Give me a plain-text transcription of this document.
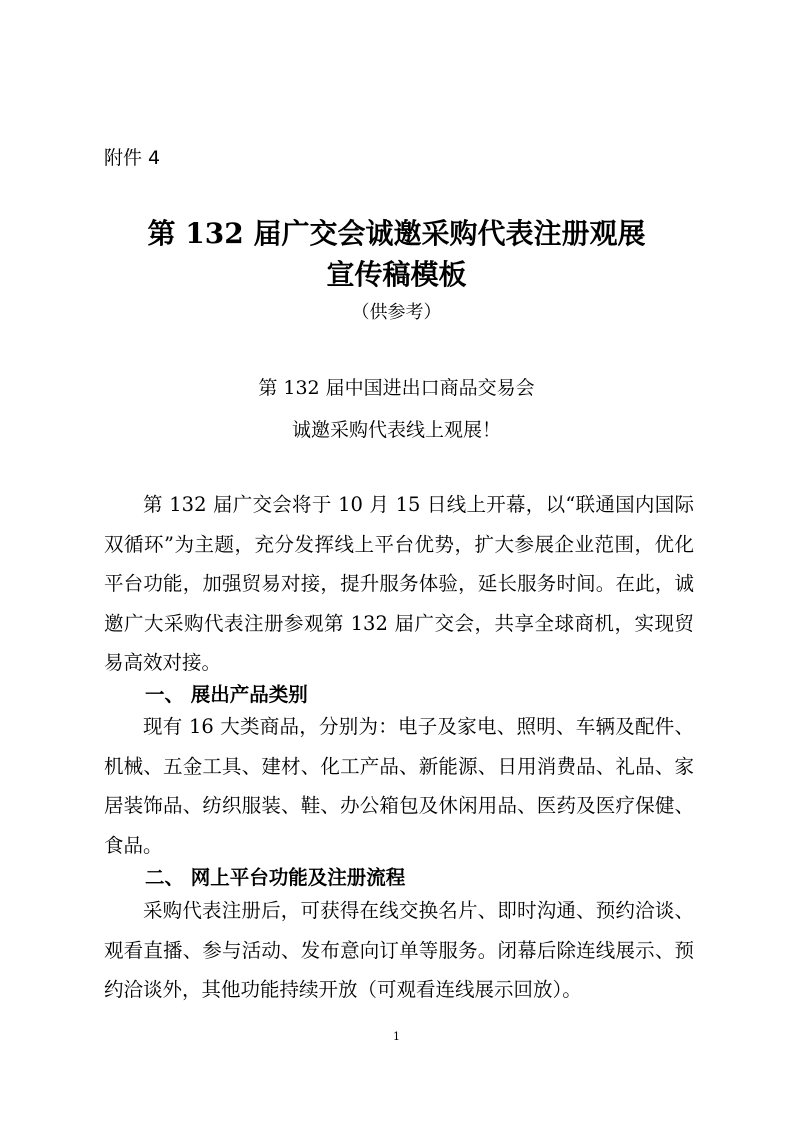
附件 4
第 132 届广交会诚邀采购代表注册观展
宣传稿模板
（供参考）
第 132 届中国进出口商品交易会
诚邀采购代表线上观展！

第 132 届广交会将于 10 月 15 日线上开幕，以“联通国内国际双循环”为主题，充分发挥线上平台优势，扩大参展企业范围，优化平台功能，加强贸易对接，提升服务体验，延长服务时间。在此，诚邀广大采购代表注册参观第 132 届广交会，共享全球商机，实现贸易高效对接。

一、 展出产品类别

现有 16 大类商品，分别为：电子及家电、照明、车辆及配件、机械、五金工具、建材、化工产品、新能源、日用消费品、礼品、家居装饰品、纺织服装、鞋、办公箱包及休闲用品、医药及医疗保健、食品。

二、 网上平台功能及注册流程

采购代表注册后，可获得在线交换名片、即时沟通、预约洽谈、观看直播、参与活动、发布意向订单等服务。闭幕后除连线展示、预约洽谈外，其他功能持续开放（可观看连线展示回放）。

1
